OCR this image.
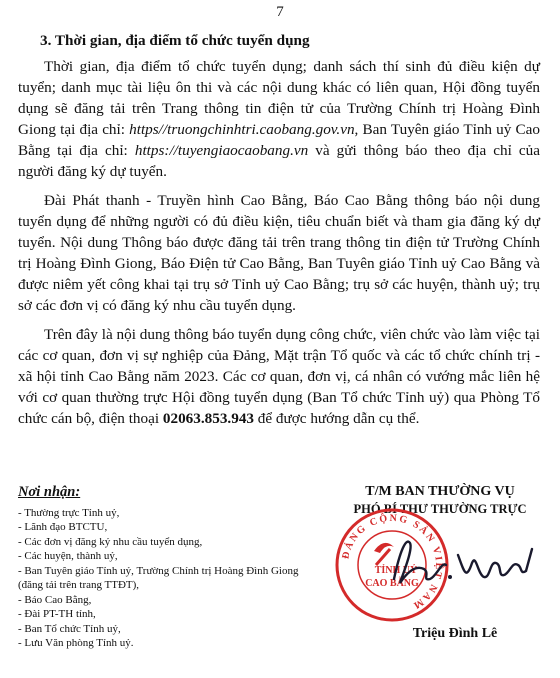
7
3. Thời gian, địa điểm tổ chức tuyển dụng

Thời gian, địa điểm tổ chức tuyển dụng; danh sách thí sinh đủ điều kiện dự tuyển; danh mục tài liệu ôn thi và các nội dung khác có liên quan, Hội đồng tuyển dụng sẽ đăng tải trên Trang thông tin điện tử của Trường Chính trị Hoàng Đình Giong tại địa chỉ: https//truongchinhtri.caobang.gov.vn, Ban Tuyên giáo Tỉnh uỷ Cao Bằng tại địa chỉ: https://tuyengiaocaobang.vn và gửi thông báo theo địa chỉ của người đăng ký dự tuyển.

Đài Phát thanh - Truyền hình Cao Bằng, Báo Cao Bằng thông báo nội dung tuyển dụng để những người có đủ điều kiện, tiêu chuẩn biết và tham gia đăng ký dự tuyển. Nội dung Thông báo được đăng tải trên trang thông tin điện tử Trường Chính trị Hoàng Đình Giong, Báo Điện tử Cao Bằng, Ban Tuyên giáo Tỉnh uỷ Cao Bằng và được niêm yết công khai tại trụ sở Tỉnh uỷ Cao Bằng; trụ sở các huyện, thành uỷ; trụ sở các đơn vị có đăng ký nhu cầu tuyển dụng.

Trên đây là nội dung thông báo tuyển dụng công chức, viên chức vào làm việc tại các cơ quan, đơn vị sự nghiệp của Đảng, Mặt trận Tổ quốc và các tổ chức chính trị - xã hội tỉnh Cao Bằng năm 2023. Các cơ quan, đơn vị, cá nhân có vướng mắc liên hệ với cơ quan thường trực Hội đồng tuyển dụng (Ban Tổ chức Tỉnh uỷ) qua Phòng Tổ chức cán bộ, điện thoại 02063.853.943 để được hướng dẫn cụ thể.

Nơi nhận:
- Thường trực Tỉnh uỷ,
- Lãnh đạo BTCTU,
- Các đơn vị đăng ký nhu cầu tuyển dụng,
- Các huyện, thành uỷ,
- Ban Tuyên giáo Tỉnh uỷ, Trường Chính trị Hoàng Đình Giong (đăng tải trên trang TTĐT),
- Báo Cao Bằng,
- Đài PT-TH tỉnh,
- Ban Tổ chức Tỉnh uỷ,
- Lưu Văn phòng Tỉnh uỷ.
T/M BAN THƯỜNG VỤ
PHÓ BÍ THƯ THƯỜNG TRỰC
ĐẢNG CỘNG SẢN VIỆT NAM
TỈNH UỶ
CAO BẰNG
Triệu Đình Lê
